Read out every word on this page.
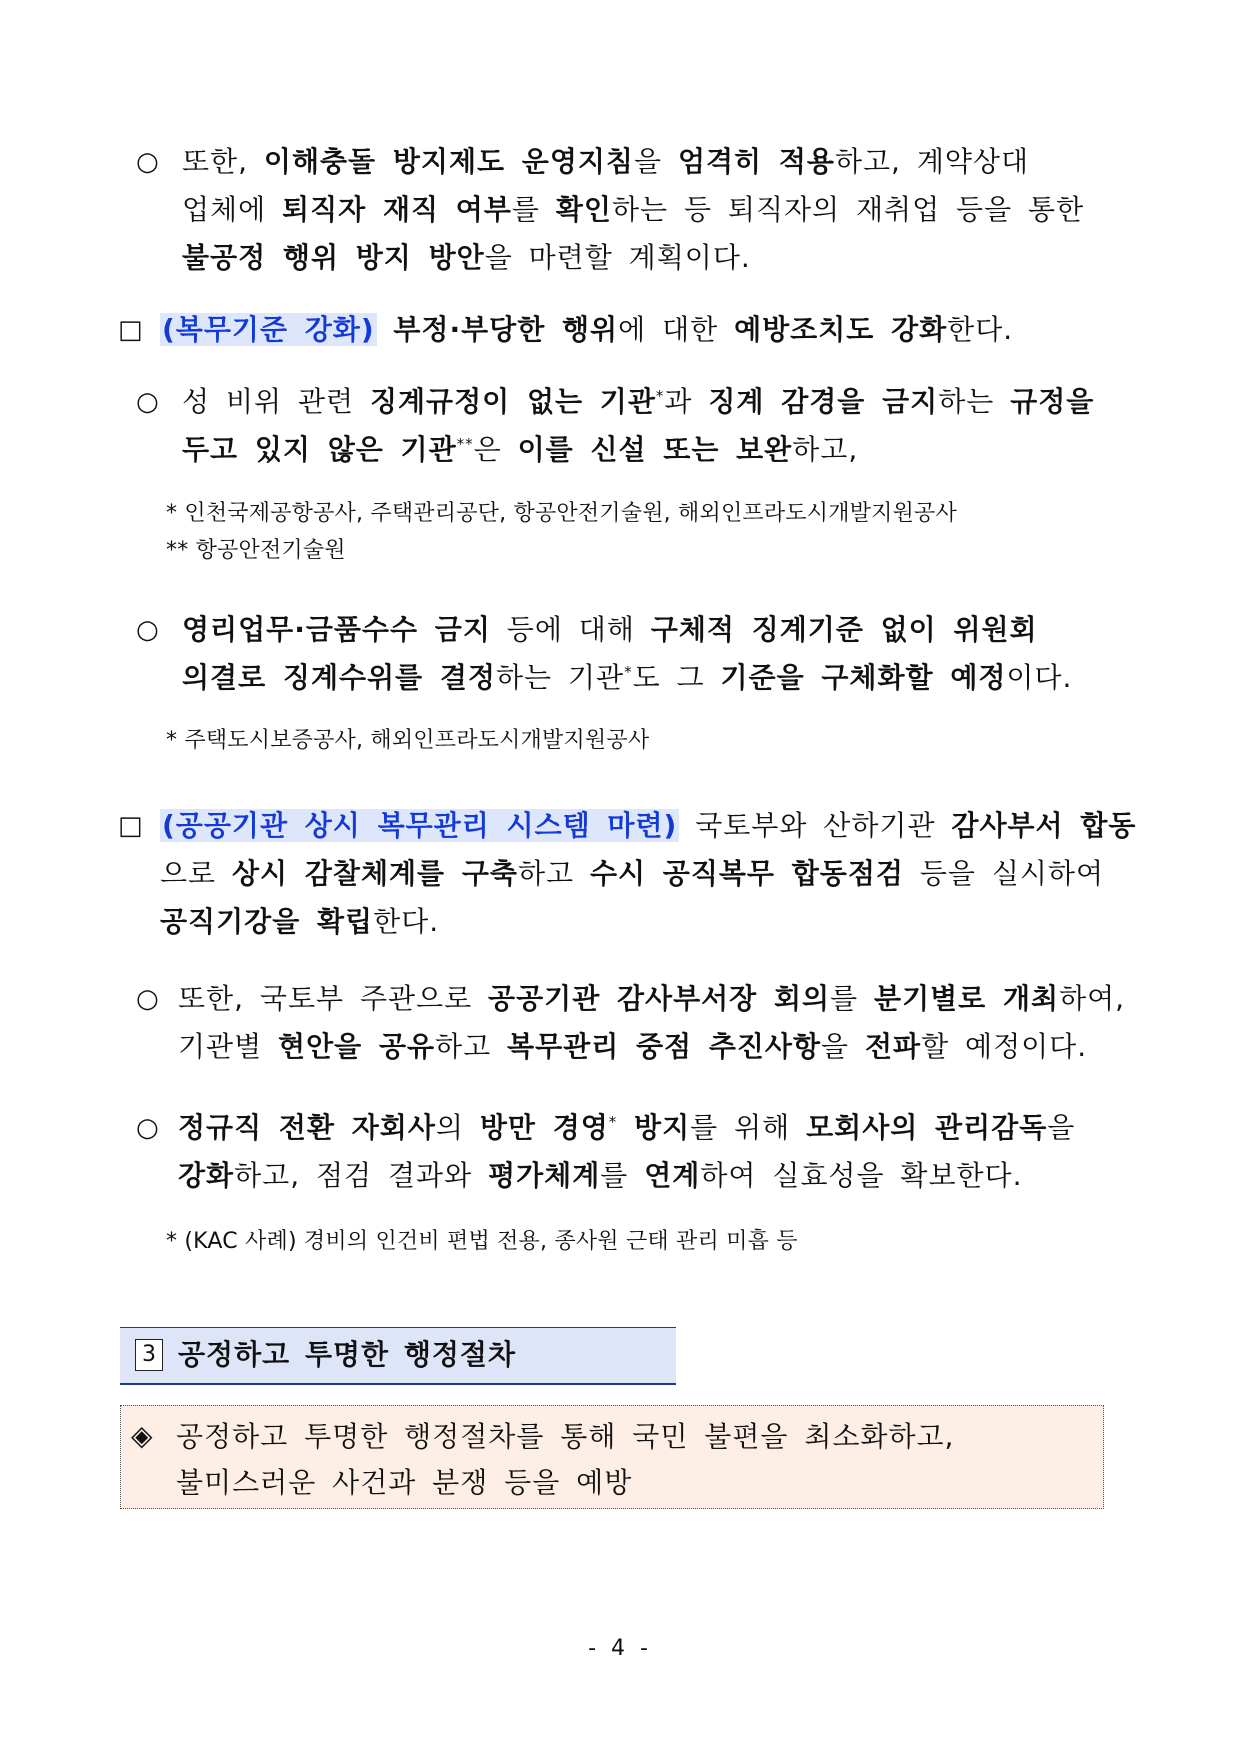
○ 또한, 이해충돌 방지제도 운영지침을 엄격히 적용하고, 계약상대
업체에 퇴직자 재직 여부를 확인하는 등 퇴직자의 재취업 등을 통한
불공정 행위 방지 방안을 마련할 계획이다.
□ (복무기준 강화) 부정·부당한 행위에 대한 예방조치도 강화한다.
○ 성 비위 관련 징계규정이 없는 기관*과 징계 감경을 금지하는 규정을
두고 있지 않은 기관**은 이를 신설 또는 보완하고,
* 인천국제공항공사, 주택관리공단, 항공안전기술원, 해외인프라도시개발지원공사
** 항공안전기술원
○ 영리업무·금품수수 금지 등에 대해 구체적 징계기준 없이 위원회
의결로 징계수위를 결정하는 기관*도 그 기준을 구체화할 예정이다.
* 주택도시보증공사, 해외인프라도시개발지원공사
□ (공공기관 상시 복무관리 시스템 마련) 국토부와 산하기관 감사부서 합동
으로 상시 감찰체계를 구축하고 수시 공직복무 합동점검 등을 실시하여
공직기강을 확립한다.
○ 또한, 국토부 주관으로 공공기관 감사부서장 회의를 분기별로 개최하여,
기관별 현안을 공유하고 복무관리 중점 추진사항을 전파할 예정이다.
○ 정규직 전환 자회사의 방만 경영* 방지를 위해 모회사의 관리감독을
강화하고, 점검 결과와 평가체계를 연계하여 실효성을 확보한다.
* (KAC 사례) 경비의 인건비 편법 전용, 종사원 근태 관리 미흡 등
3 공정하고 투명한 행정절차
◈ 공정하고 투명한 행정절차를 통해 국민 불편을 최소화하고,
불미스러운 사건과 분쟁 등을 예방
- 4 -
